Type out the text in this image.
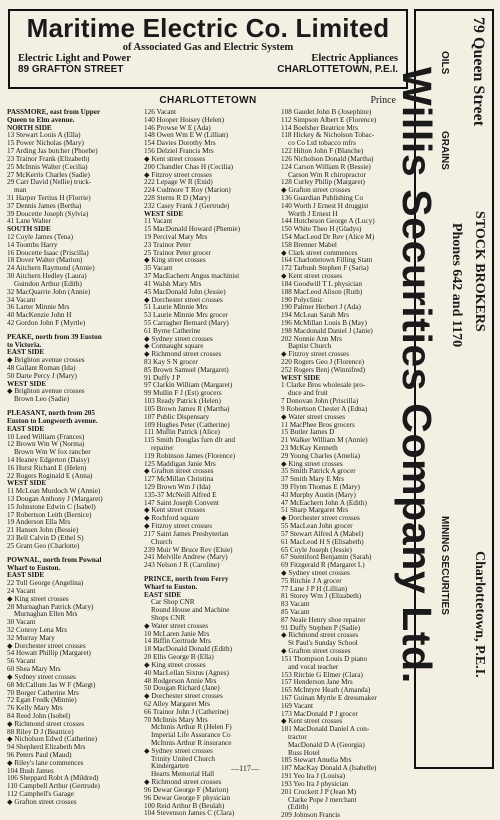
Maritime Electric Co. Limited
of Associated Gas and Electric System
Electric Light and Power	Electric Appliances
89 GRAFTON STREET	CHARLOTTETOWN, P.E.I.	79 Queen Street
OILS
GRAINS
STOCK BROKERS
Phones 642 and 1170
MINING SECURITIES Charlottetown, P.E.I.
Willis Securities Company Ltd.
CHARLOTTETOWN	Prince
PASSMORE, east from Upper
Queen to Elm avenue.
NORTH SIDE
13 Stewart Louis A (Ella)
15 Power Nicholas (Mary)
17 Arding Jas butcher (Phoebe)
23 Trainor Frank (Elizabeth)
25 McInnis Walter (Cecilia)
27 McKerris Charles (Sadie)
29 Carr David (Nellie) truck-
man
31 Harper Tertius H (Florrie)
37 Dennis James (Bertha)
39 Doucette Joseph (Sylvia)
41 Lane Walter
SOUTH SIDE
12 Coyle James (Tena)
14 Toombs Harry
16 Doucette Isaac (Priscilla)
18 Dover Walter (Marion)
24 Aitchern Raymond (Annie)
30 Aitchern Hedley (Laura)
Guindon Arthur (Edith)
32 MacQuarrie John (Annie)
34 Vacant
36 Larter Minnie Mrs
40 MacKenzie John H
42 Gordon John F (Myrtle)
PEAKE, north from 39 Euston
to Victoria.
EAST SIDE
◆ Brighton avenue crosses
48 Gallant Roman (Ida)
50 Darte Percy J (Mary)
WEST SIDE
◆ Brighton avenue crosses
Brown Leo (Sadie)
PLEASANT, north from 205
Euston to Longworth avenue.
EAST SIDE
10 Leed William (Frances)
12 Brown Wm W (Norma)
Brown Wm W fox rancher
14 Heaney Edgerton (Daisy)
16 Hurst Richard E (Helen)
22 Rogers Reginald E (Anna)
WEST SIDE
11 McLean Murdoch W (Annie)
13 Dougan Anthony J (Margaret)
15 Johnstone Edwin C (Isabel)
17 Robertson Leith (Bernice)
19 Anderson Ella Mrs
21 Hansen John (Bessie)
23 Bell Calvin D (Ethel S)
25 Grant Geo (Charlotte)
POWNAL, north from Pownal
Wharf to Euston.
EAST SIDE
22 Tull George (Angelina)
24 Vacant
◆ King street crosses
28 Murnaghan Patrick (Mary)
Murnaghan Ellen Mrs
30 Vacant
32 Conroy Lena Mrs
32 Murray Mary
◆ Dorchester street crosses
54 Howatt Phillip (Margaret)
56 Vacant
60 Shea Mary Mrs
◆ Sydney street crosses
68 McCallum Jas W F (Margt)
70 Borger Catherine Mrs
72 Egan Fredk (Minnie)
76 Kelly Mary Mrs
84 Reed John (Isobel)
◆ Richmond street crosses
88 Riley D J (Beatrice)
◆ Nicholson Edwd (Catherine)
94 Shepherd Elizabeth Mrs
96 Peters Paul (Maud)
◆ Riley's lane commences
104 Bush James
106 Sheppard Robt A (Mildred)
110 Campbell Arthur (Gertrude)
112 Campbell's Garage
◆ Grafton street crosses
126 Vacant
140 Hooper Hoisey (Helen)
146 Prowse W E (Ada)
148 Owen Wm E W (Lillian)
154 Davies Dorothy Mrs
156 Delziel Francis Mrs
◆ Kent street crosses
200 Chandler Chas H (Cecilia)
◆ Fitzroy street crosses
222 Lepage W R (Enid)
224 Cudmore T Roy (Marion)
228 Sterns R D (Mary)
232 Casey Frank J (Gertrude)
WEST SIDE
11 Vacant
15 MacDonald Howard (Phemie)
19 Percival Mary Mrs
23 Trainor Peter
25 Trainor Peter grocer
◆ King street crosses
35 Vacant
37 MacEachern Angus machinist
41 Walsh Mary Mrs
45 MacDonald John (Jessie)
◆ Dorchester street crosses
51 Laurie Minnie Mrs
53 Laurie Minnie Mrs grocer
55 Carragher Bernard (Mary)
61 Byrne Catherine
◆ Sydney street crosses
◆ Connaught square
◆ Richmond street crosses
83 Kay S N grocer
85 Brown Samuel (Margaret)
91 Duffy J P
97 Clarkin William (Margaret)
99 Mullin F J (Est) grocers
103 Ready Patrick (Helen)
105 Brown James R (Martha)
107 Public Dispensary
109 Hughes Peter (Catherine)
111 Mullin Patrick (Alice)
115 Smith Douglas furn dlr and
repairer
119 Robinson James (Florence)
125 Maddigan Janie Mrs
◆ Grafton street crosses
127 McMillan Christina
129 Brown Wm J (Ida)
135-37 McNeill Alfred E
147 Saint Joseph Convent
◆ Kent street crosses
◆ Rochford square
◆ Fitzroy street crosses
217 Saint James Presbyterian
Church
239 Muir W Bruce Rev (Elsie)
241 Melville Andrew (Mary)
243 Nelson J R (Caroline)
PRINCE, north from Ferry
Wharf to Euston.
EAST SIDE
Car Shop CNR
Round House and Machine
Shops CNR
◆ Water street crosses
10 McLaren Janie Mrs
14 Biffin Gertrude Mrs
18 MacDonald Donald (Edith)
20 Ellis George B (Ella)
◆ King street crosses
40 MacLellan Sixtus (Agnes)
48 Rodgerson Annie Mrs
50 Dougan Richard (Jane)
◆ Dorchester street crosses
62 Alley Margaret Mrs
66 Trainor John J (Catherine)
70 McInnis Mary Mrs
McInnis Arthur R (Helen F)
Imperial Life Assurance Co
McInnis Arthur R insurance
◆ Sydney street crosses
Trinity United Church
Kindergarten
Hearts Memorial Hall
◆ Richmond street crosses
96 Dewar George F (Marion)
96 Dewar George F physician
100 Reid Arthur B (Beulah)
104 Stevenson James C (Clara)
108 Gaudet John B (Josephine)
112 Simpson Albert E (Florence)
114 Boelsher Beatrice Mrs
118 Hickey & Nicholson Tobac-
co Co Ltd tobacco mfrs
122 Hilton John F (Blanche)
126 Nicholson Donald (Martha)
124 Carson William R (Bessie)
Carson Wm R chiropractor
128 Curley Philip (Margaret)
◆ Grafton street crosses
136 Guardian Publishing Co
140 Worth J Ernest H druggist
Worth J Ernest H
144 Hutcheson George A (Lucy)
150 White Theo H (Gladys)
154 MacLeod Dr Rev (Alice M)
158 Brenner Mabel
◆ Clark street commences
164 Charlottetown Filling Statn
172 Tarbush Stephen F (Saria)
◆ Kent street crosses
184 Goodwill T L physician
188 MacLeod Alison (Ruth)
190 Polyclinic
190 Palmer Herbert J (Ada)
194 McLean Sarah Mrs
196 McMillan Louis B (May)
198 Macdonald Daniel J (Janie)
202 Nonnie Ann Mrs
Baptist Church
◆ Fitzroy street crosses
220 Rogers Geo J (Florence)
252 Rogers Benj (Winnifred)
WEST SIDE
1 Clarke Bros wholesale pro-
duce and fruit
7 Donovan John (Priscilla)
9 Robertson Chester A (Edna)
◆ Water street crosses
11 MacPhee Bros grocers
15 Butler James D
21 Walker William M (Annie)
23 McKay Kenneth
29 Young Charles (Amelia)
◆ King street crosses
35 Smith Patrick A grocer
37 Smith Mary E Mrs
39 Flynn Thomas E (Mary)
43 Murphy Austin (Mary)
47 McEachern John A (Edith)
51 Sharp Margaret Mrs
◆ Dorchester street crosses
55 MacLean John grocer
57 Stewart Alfred A (Mabel)
61 MacLeod H S (Elisabeth)
65 Coyle Joseph (Jessie)
67 Stentiford Benjamin (Sarah)
69 Fitzgerald R (Margaret L)
◆ Sydney street crosses
75 Ritchie J A grocer
77 Lane J P H (Lillian)
81 Storey Wm J (Elizabeth)
83 Vacant
85 Vacant
87 Neale Henry shoe repairer
91 Duffy Stephen P (Sadie)
◆ Richmond street crosses
St Paul's Sunday School
◆ Grafton street crosses
151 Thompson Louis D piano
and vocal teacher
153 Ritchie G Elmer (Clara)
157 Henderson Jane Mrs
165 McIntyre Heath (Amanda)
167 Guinan Myrtle E dressmaker
169 Vacant
173 MacDonald P J grocer
◆ Kent street crosses
181 MacDonald Daniel A con-
tractor
MacDonald D A (Georgia)
Russ Hotel
185 Stewart Amelia Mrs
187 MacKay Donald A (Isabelle)
191 Yeo Ira J (Louisa)
193 Yeo Ira J physician
201 Crockett J P (Jean M)
Clarke Pope J merchant
(Edith)
209 Johnson Francis
—117—
